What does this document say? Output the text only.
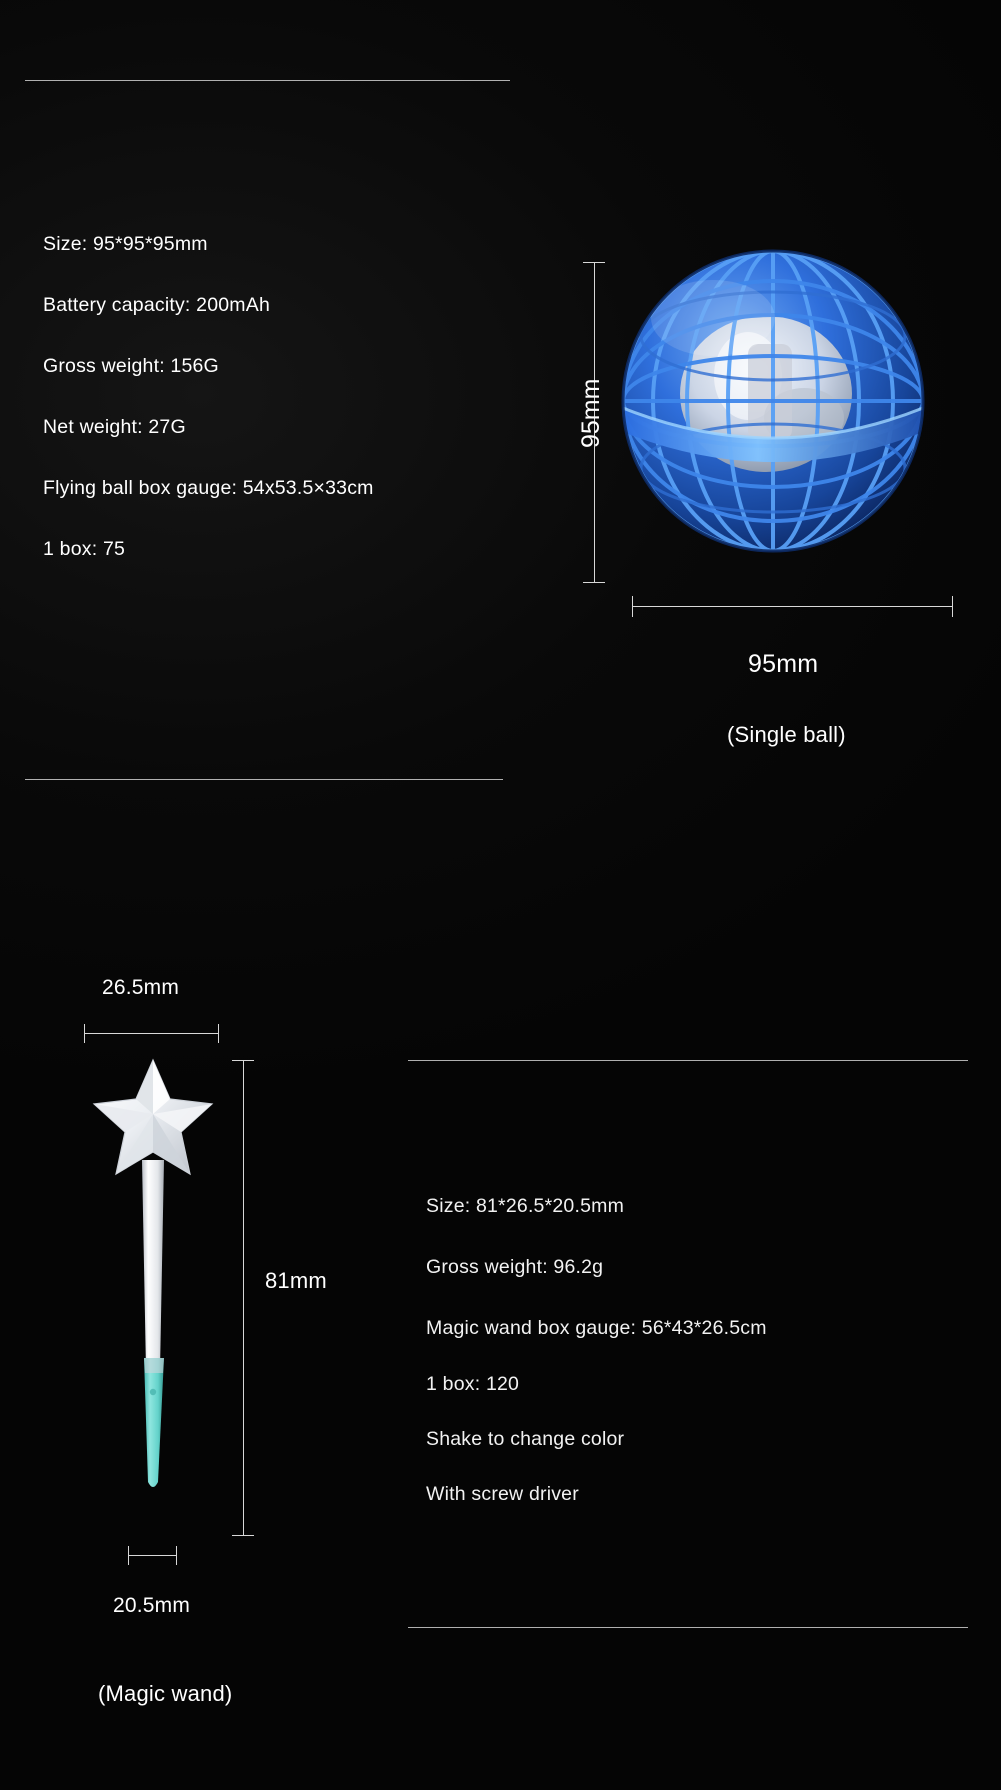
Size: 95*95*95mm
Battery capacity: 200mAh
Gross weight: 156G
Net weight: 27G
Flying ball box gauge: 54x53.5×33cm
1 box: 75
95mm
95mm
(Single ball)
26.5mm
81mm
20.5mm
(Magic wand)
Size: 81*26.5*20.5mm
Gross weight: 96.2g
Magic wand box gauge: 56*43*26.5cm
1 box: 120
Shake to change color
With screw driver
